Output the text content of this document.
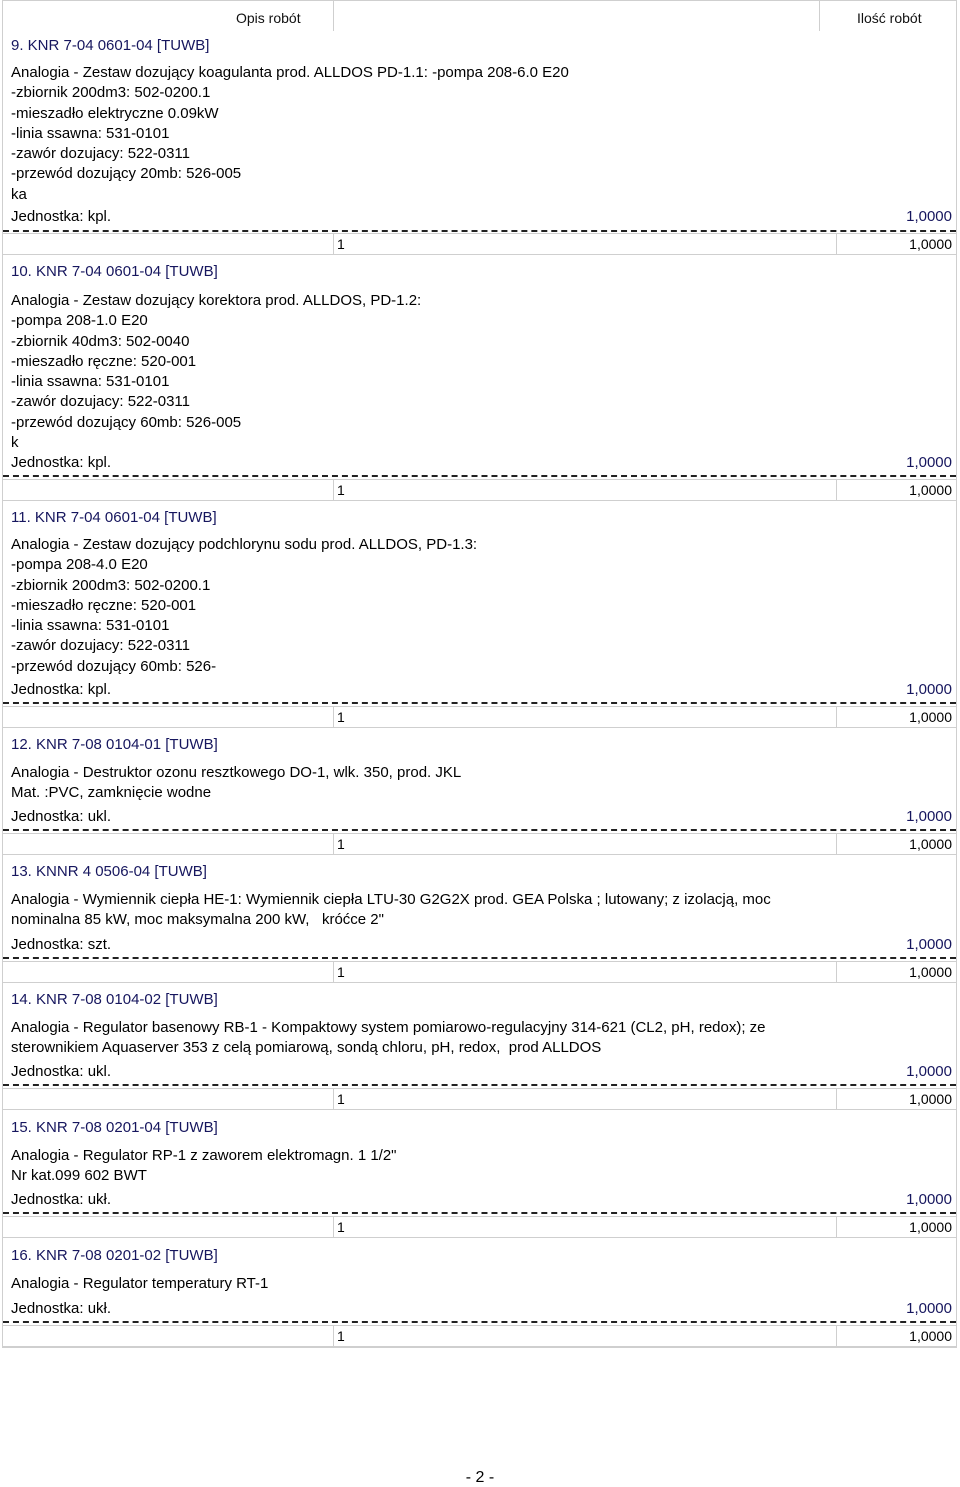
Opis robót	Ilość robót
9. KNR 7-04 0601-04 [TUWB]
Analogia - Zestaw dozujący koagulanta prod. ALLDOS PD-1.1: -pompa 208-6.0 E20
-zbiornik 200dm3: 502-0200.1
-mieszadło elektryczne 0.09kW
-linia ssawna: 531-0101
-zawór dozujacy: 522-0311
-przewód dozujący 20mb: 526-005
ka
Jednostka: kpl.	1,0000
1	1,0000
10. KNR 7-04 0601-04 [TUWB]
Analogia - Zestaw dozujący korektora prod. ALLDOS, PD-1.2:
-pompa 208-1.0 E20
-zbiornik 40dm3: 502-0040
-mieszadło ręczne: 520-001
-linia ssawna: 531-0101
-zawór dozujacy: 522-0311
-przewód dozujący 60mb: 526-005
k
Jednostka: kpl.	1,0000
1	1,0000
11. KNR 7-04 0601-04 [TUWB]
Analogia - Zestaw dozujący podchlorynu sodu prod. ALLDOS, PD-1.3:
-pompa 208-4.0 E20
-zbiornik 200dm3: 502-0200.1
-mieszadło ręczne: 520-001
-linia ssawna: 531-0101
-zawór dozujacy: 522-0311
-przewód dozujący 60mb: 526-
Jednostka: kpl.	1,0000
1	1,0000
12. KNR 7-08 0104-01 [TUWB]
Analogia - Destruktor ozonu resztkowego DO-1, wlk. 350, prod. JKL
Mat. :PVC, zamknięcie wodne
Jednostka: ukl.	1,0000
1	1,0000
13. KNNR 4 0506-04 [TUWB]
Analogia - Wymiennik ciepła HE-1: Wymiennik ciepła LTU-30 G2G2X prod. GEA Polska ; lutowany; z izolacją, moc
nominalna 85 kW, moc maksymalna 200 kW,   króćce 2"
Jednostka: szt.	1,0000
1	1,0000
14. KNR 7-08 0104-02 [TUWB]
Analogia - Regulator basenowy RB-1 - Kompaktowy system pomiarowo-regulacyjny 314-621 (CL2, pH, redox); ze
sterownikiem Aquaserver 353 z celą pomiarową, sondą chloru, pH, redox,  prod ALLDOS
Jednostka: ukl.	1,0000
1	1,0000
15. KNR 7-08 0201-04 [TUWB]
Analogia - Regulator RP-1 z zaworem elektromagn. 1 1/2"
Nr kat.099 602 BWT
Jednostka: ukł.	1,0000
1	1,0000
16. KNR 7-08 0201-02 [TUWB]
Analogia - Regulator temperatury RT-1
Jednostka: ukł.	1,0000
1	1,0000
- 2 -
